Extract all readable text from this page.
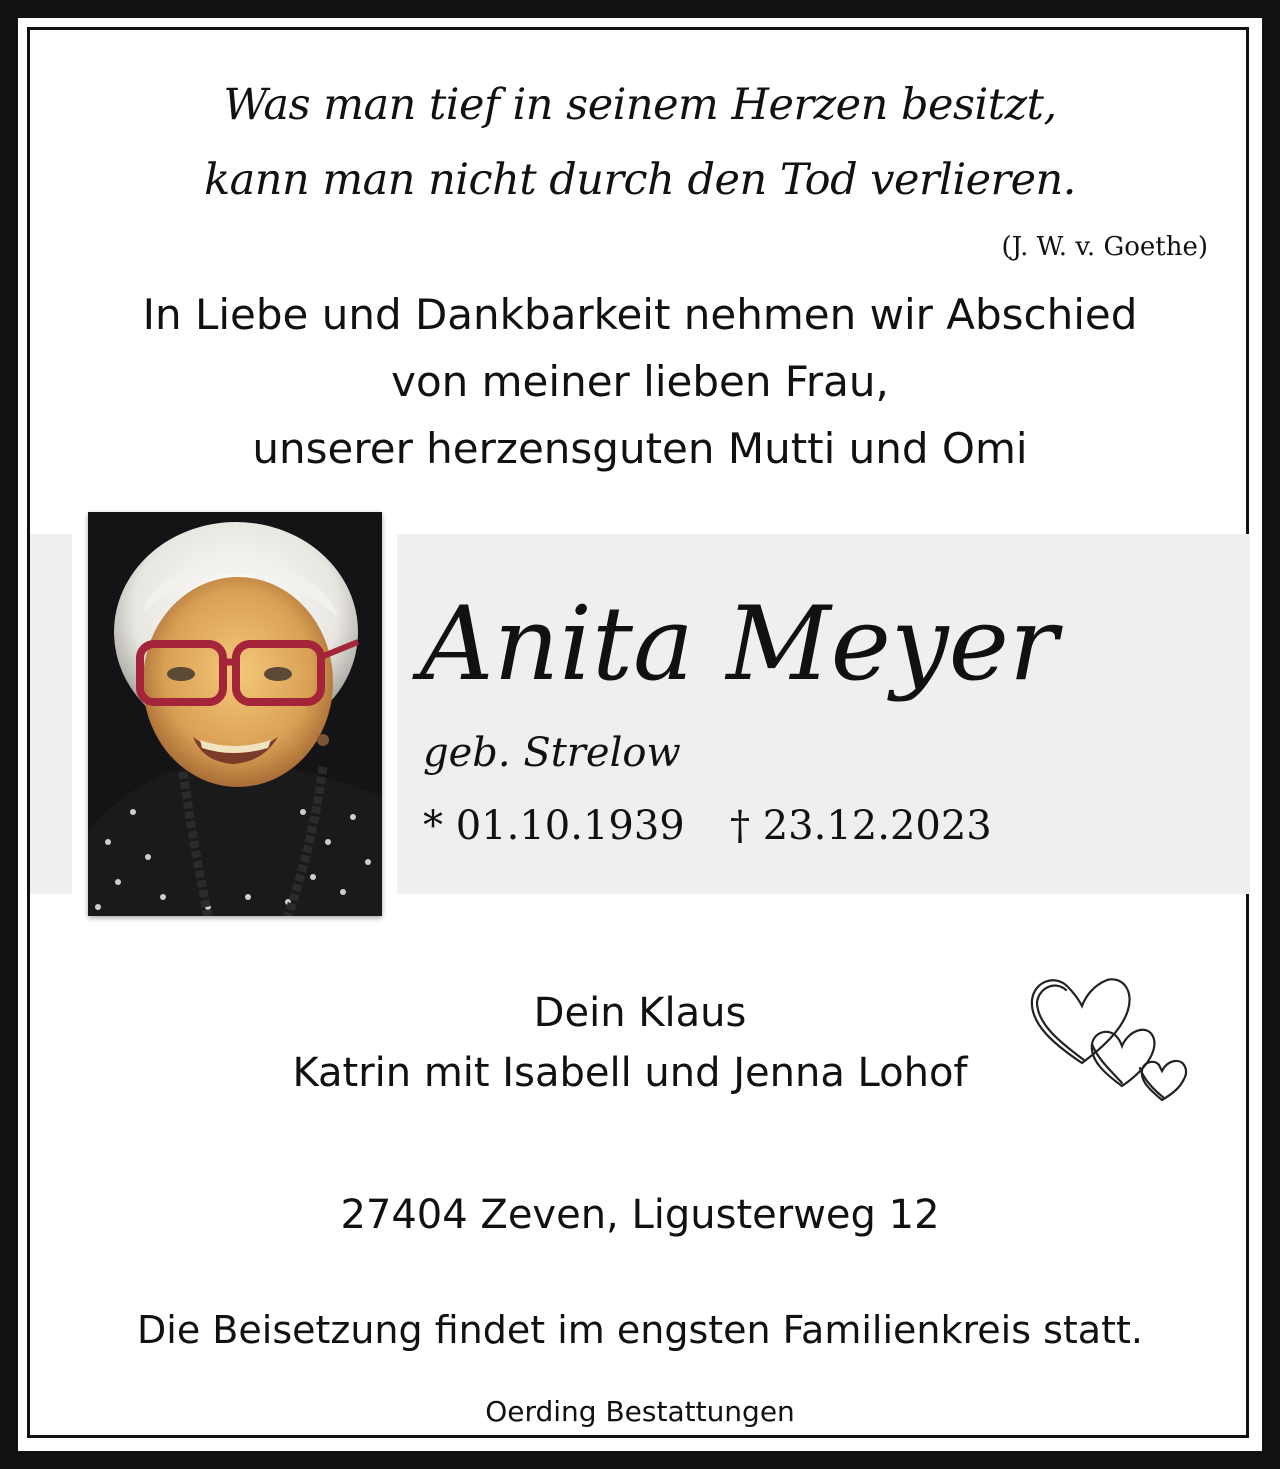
Was man tief in seinem Herzen besitzt,
kann man nicht durch den Tod verlieren.
(J. W. v. Goethe)
In Liebe und Dankbarkeit nehmen wir Abschied
von meiner lieben Frau,
unserer herzensguten Mutti und Omi
Anita Meyer
geb. Strelow
* 01.10.1939 † 23.12.2023
Dein Klaus
Katrin mit Isabell und Jenna Lohof
27404 Zeven, Ligusterweg 12
Die Beisetzung findet im engsten Familienkreis statt.
Oerding Bestattungen
